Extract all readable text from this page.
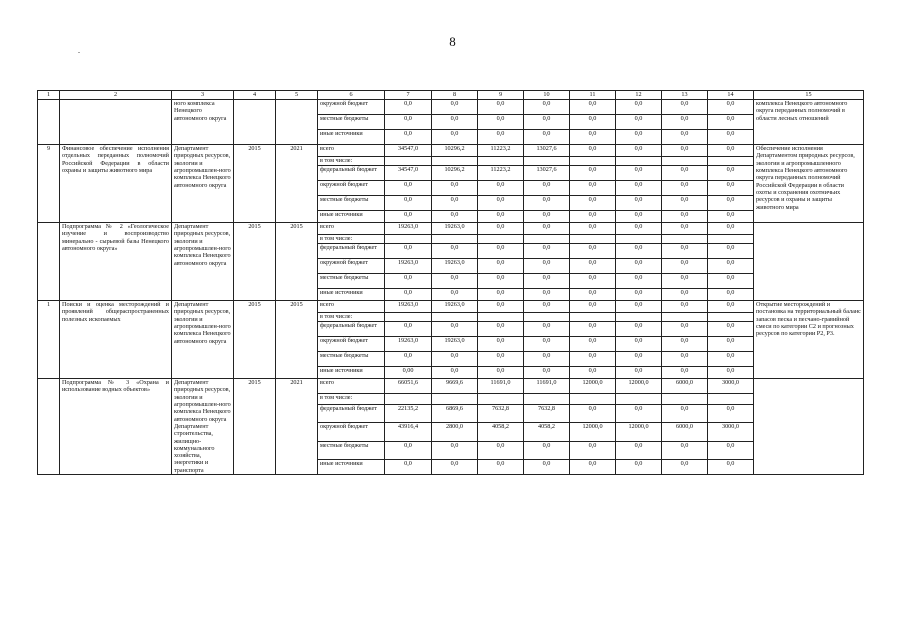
8
.
1	2	3	4	5	6	7	8	9	10	11	12	13	14	15
		ного комплекса Ненецкого автономного округа			окружной бюджет	0,0	0,0	0,0	0,0	0,0	0,0	0,0	0,0	комплекса Ненецкого автономного округа переданных полномочий в области лесных отношений
					местные бюджеты	0,0	0,0	0,0	0,0	0,0	0,0	0,0	0,0	
					иные источники	0,0	0,0	0,0	0,0	0,0	0,0	0,0	0,0	
9	Финансовое обеспечение исполнения отдельных переданных полномочий Российской Федерации в области охраны и защиты животного мира	Департамент природных ресурсов, экологии и агропромышлен-ного комплекса Ненецкого автономного округа	2015	2021	всего	34547,0	10296,2	11223,2	13027,6	0,0	0,0	0,0	0,0	Обеспечение исполнения Департаментом природных ресурсов, экологии и агропромышленного комплекса Ненецкого автономного округа переданных полномочий Российской Федерации в области охоты и сохранения охотничьих ресурсов и охраны и защиты животного мира
					в том числе:									
					федеральный бюджет	34547,0	10296,2	11223,2	13027,6	0,0	0,0	0,0	0,0	
					окружной бюджет	0,0	0,0	0,0	0,0	0,0	0,0	0,0	0,0	
					местные бюджеты	0,0	0,0	0,0	0,0	0,0	0,0	0,0	0,0	
					иные источники	0,0	0,0	0,0	0,0	0,0	0,0	0,0	0,0	
	Подпрограмма № 2 «Геологическое изучение и воспроизводство минерально - сырьевой базы Ненецкого автономного округа»	Департамент природных ресурсов, экологии и агропромышлен-ного комплекса Ненецкого автономного округа	2015	2015	всего	19263,0	19263,0	0,0	0,0	0,0	0,0	0,0	0,0	
					в том числе:									
					федеральный бюджет	0,0	0,0	0,0	0,0	0,0	0,0	0,0	0,0	
					окружной бюджет	19263,0	19263,0	0,0	0,0	0,0	0,0	0,0	0,0	
					местные бюджеты	0,0	0,0	0,0	0,0	0,0	0,0	0,0	0,0	
					иные источники	0,0	0,0	0,0	0,0	0,0	0,0	0,0	0,0	
1	Поиски и оценка месторождений и проявлений общераспространенных полезных ископаемых	Департамент природных ресурсов, экологии и агропромышлен-ного комплекса Ненецкого автономного округа	2015	2015	всего	19263,0	19263,0	0,0	0,0	0,0	0,0	0,0	0,0	Открытие месторождений и постановка на территориальный баланс запасов песка и песчано-гравийной смеси по категории С2 и прогнозных ресурсов по категории Р2, Р3.
					в том числе:									
					федеральный бюджет	0,0	0,0	0,0	0,0	0,0	0,0	0,0	0,0	
					окружной бюджет	19263,0	19263,0	0,0	0,0	0,0	0,0	0,0	0,0	
					местные бюджеты	0,0	0,0	0,0	0,0	0,0	0,0	0,0	0,0	
					иные источники	0,00	0,0	0,0	0,0	0,0	0,0	0,0	0,0	
	Подпрограмма № 3 «Охрана и использование водных объектов»	Департамент природных ресурсов, экологии и агропромышлен-ного комплекса Ненецкого автономного округа Департамент строительства, жилищно-коммунального хозяйства, энергетики и транспорта	2015	2021	всего	66051,6	9669,6	11691,0	11691,0	12000,0	12000,0	6000,0	3000,0	
					в том числе:									
					федеральный бюджет	22135,2	6869,6	7632,8	7632,8	0,0	0,0	0,0	0,0	
					окружной бюджет	43916,4	2800,0	4058,2	4058,2	12000,0	12000,0	6000,0	3000,0	
					местные бюджеты	0,0	0,0	0,0	0,0	0,0	0,0	0,0	0,0	
					иные источники	0,0	0,0	0,0	0,0	0,0	0,0	0,0	0,0	
